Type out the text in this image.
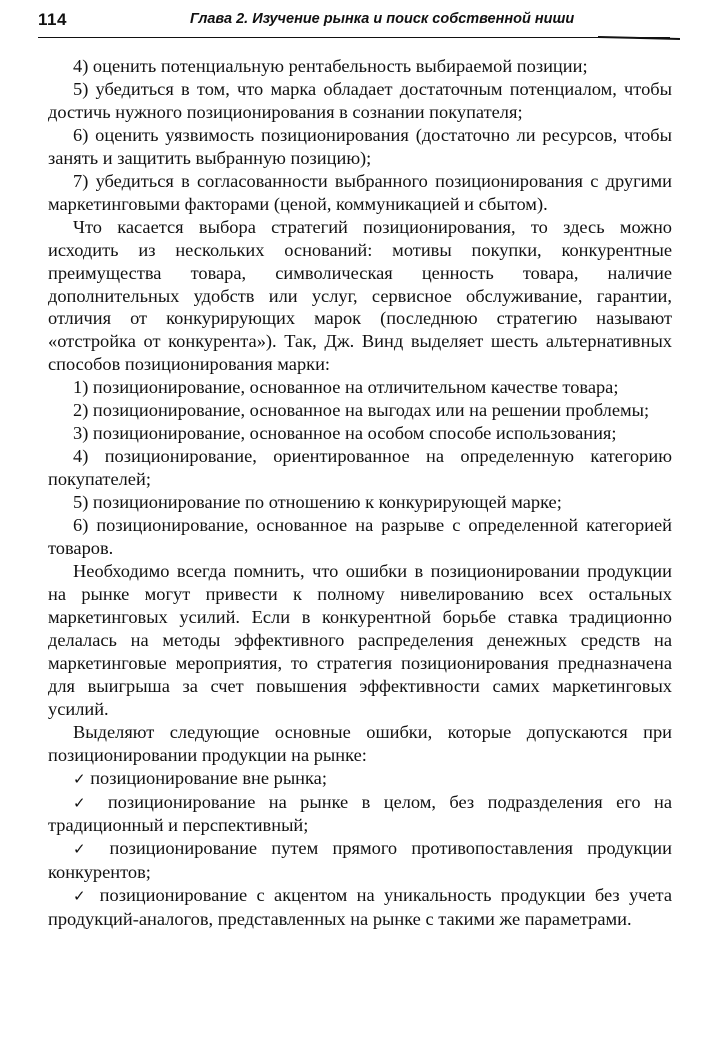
114	Глава 2. Изучение рынка и поиск собственной ниши

4) оценить потенциальную рентабельность выбираемой позиции;

5) убедиться в том, что марка обладает достаточным потенциалом, чтобы достичь нужного позиционирования в сознании покупателя;

6) оценить уязвимость позиционирования (достаточно ли ресурсов, чтобы занять и защитить выбранную позицию);

7) убедиться в согласованности выбранного позиционирования с другими маркетинговыми факторами (ценой, коммуникацией и сбытом).

Что касается выбора стратегий позиционирования, то здесь можно исходить из нескольких оснований: мотивы покупки, конкурентные преимущества товара, символическая ценность товара, наличие дополнительных удобств или услуг, сервисное обслуживание, гарантии, отличия от конкурирующих марок (последнюю стратегию называют «отстройка от конкурента»). Так, Дж. Винд выделяет шесть альтернативных способов позиционирования марки:

1) позиционирование, основанное на отличительном качестве товара;

2) позиционирование, основанное на выгодах или на решении проблемы;

3) позиционирование, основанное на особом способе использования;

4) позиционирование, ориентированное на определенную категорию покупателей;

5) позиционирование по отношению к конкурирующей марке;

6) позиционирование, основанное на разрыве с определенной категорией товаров.

Необходимо всегда помнить, что ошибки в позиционировании продукции на рынке могут привести к полному нивелированию всех остальных маркетинговых усилий. Если в конкурентной борьбе ставка традиционно делалась на методы эффективного распределения денежных средств на маркетинговые мероприятия, то стратегия позиционирования предназначена для выигрыша за счет повышения эффективности самих маркетинговых усилий.

Выделяют следующие основные ошибки, которые допускаются при позиционировании продукции на рынке:

✓ позиционирование вне рынка;

✓ позиционирование на рынке в целом, без подразделения его на традиционный и перспективный;

✓ позиционирование путем прямого противопоставления продукции конкурентов;

✓ позиционирование с акцентом на уникальность продукции без учета продукций-аналогов, представленных на рынке с такими же параметрами.
